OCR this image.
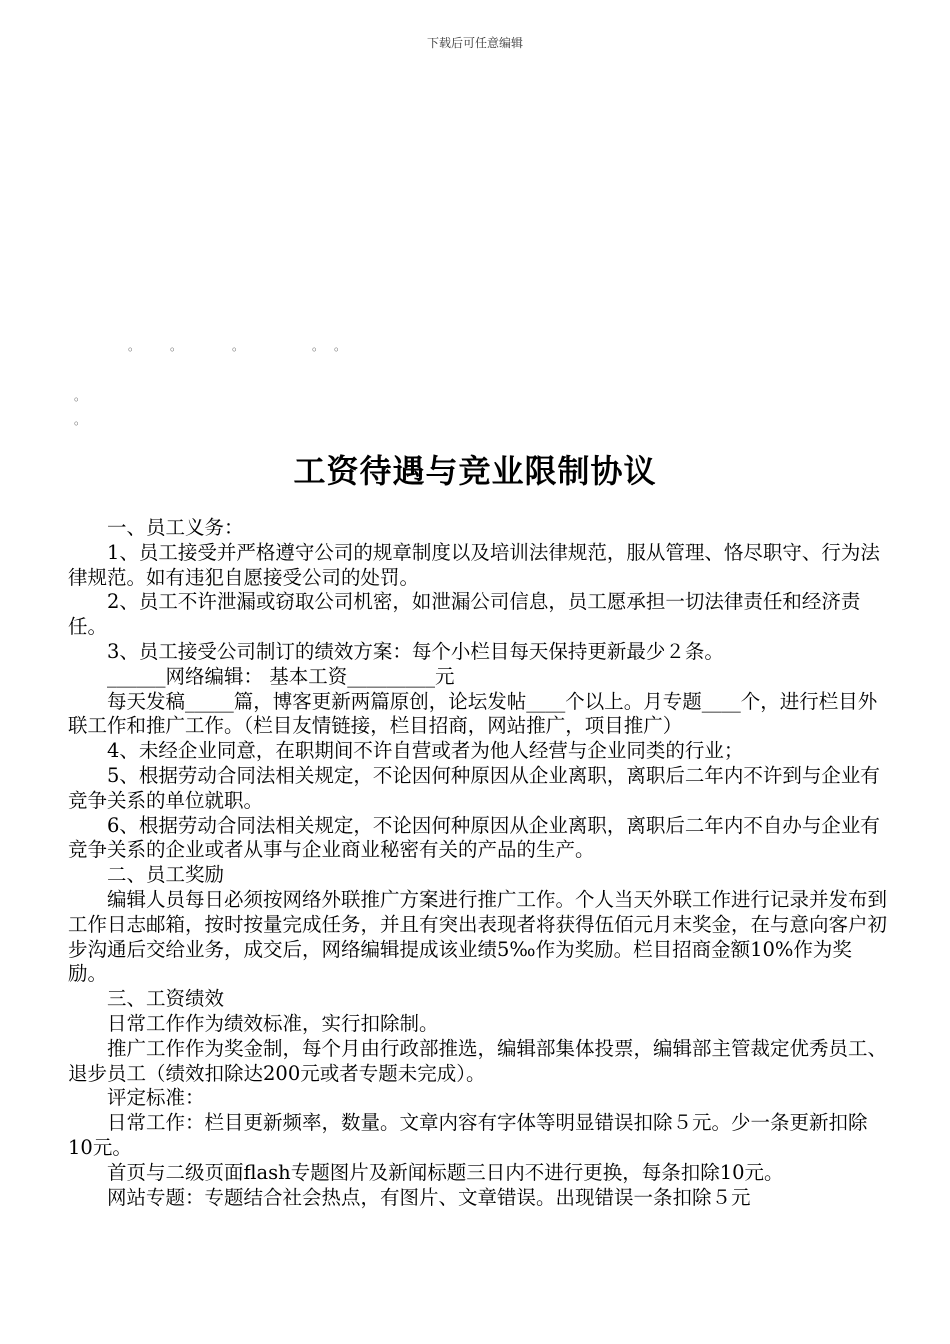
下载后可任意编辑
。 。	。	。 。
。
。
工资待遇与竞业限制协议

一、员工义务：

1、员工接受并严格遵守公司的规章制度以及培训法律规范，服从管理、恪尽职守、行为法律规范。如有违犯自愿接受公司的处罚。

2、员工不许泄漏或窃取公司机密，如泄漏公司信息，员工愿承担一切法律责任和经济责任。

3、员工接受公司制订的绩效方案：每个小栏目每天保持更新最少２条。

______网络编辑： 基本工资_________元

每天发稿_____篇，博客更新两篇原创，论坛发帖____个以上。月专题____个，进行栏目外联工作和推广工作。（栏目友情链接，栏目招商，网站推广，项目推广）

4、未经企业同意，在职期间不许自营或者为他人经营与企业同类的行业；

5、根据劳动合同法相关规定，不论因何种原因从企业离职，离职后二年内不许到与企业有竞争关系的单位就职。

6、根据劳动合同法相关规定，不论因何种原因从企业离职，离职后二年内不自办与企业有竞争关系的企业或者从事与企业商业秘密有关的产品的生产。

二、员工奖励

编辑人员每日必须按网络外联推广方案进行推广工作。个人当天外联工作进行记录并发布到工作日志邮箱，按时按量完成任务，并且有突出表现者将获得伍佰元月末奖金，在与意向客户初步沟通后交给业务，成交后，网络编辑提成该业绩5‰作为奖励。栏目招商金额10%作为奖励。

三、工资绩效

日常工作作为绩效标准，实行扣除制。

推广工作作为奖金制，每个月由行政部推选，编辑部集体投票，编辑部主管裁定优秀员工、退步员工（绩效扣除达200元或者专题未完成）。

评定标准：

日常工作：栏目更新频率，数量。文章内容有字体等明显错误扣除５元。少一条更新扣除10元。

首页与二级页面flash专题图片及新闻标题三日内不进行更换，每条扣除10元。

网站专题：专题结合社会热点，有图片、文章错误。出现错误一条扣除５元
